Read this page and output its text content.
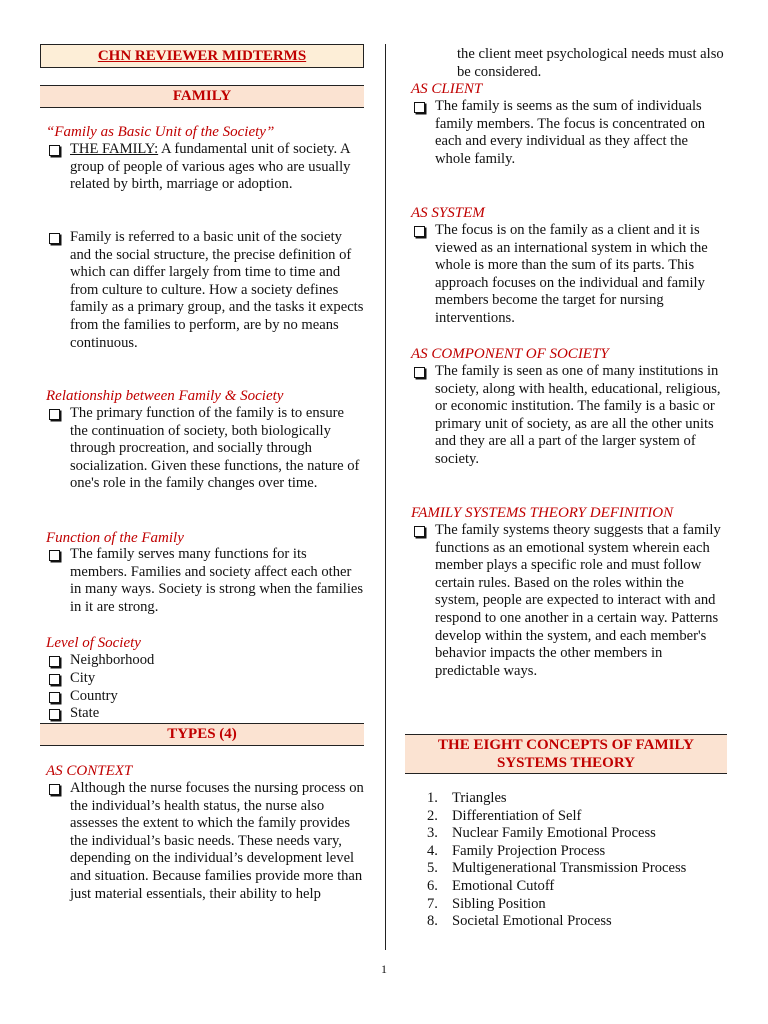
CHN REVIEWER MIDTERMS
FAMILY
“Family as Basic Unit of the Society”
THE FAMILY: A fundamental unit of society. A group of people of various ages who are usually related by birth, marriage or adoption.
Family is referred to a basic unit of the society and the social structure, the precise definition of which can differ largely from time to time and from culture to culture. How a society defines family as a primary group, and the tasks it expects from the families to perform, are by no means continuous.
Relationship between Family & Society
The primary function of the family is to ensure the continuation of society, both biologically through procreation, and socially through socialization. Given these functions, the nature of one's role in the family changes over time.
Function of the Family
The family serves many functions for its members. Families and society affect each other in many ways. Society is strong when the families in it are strong.
Level of Society
Neighborhood
City
Country
State
TYPES (4)
AS CONTEXT
Although the nurse focuses the nursing process on the individual’s health status, the nurse also assesses the extent to which the family provides the individual’s basic needs. These needs vary, depending on the individual’s development level and situation. Because families provide more than just material essentials, their ability to help
the client meet psychological needs must also be considered.
AS CLIENT
The family is seems as the sum of individuals family members. The focus is concentrated on each and every individual as they affect the whole family.
AS SYSTEM
The focus is on the family as a client and it is viewed as an international system in which the whole is more than the sum of its parts. This approach focuses on the individual and family members become the target for nursing interventions.
AS COMPONENT OF SOCIETY
The family is seen as one of many institutions in society, along with health, educational, religious, or economic institution. The family is a basic or primary unit of society, as are all the other units and they are all a part of the larger system of society.
FAMILY SYSTEMS THEORY DEFINITION
The family systems theory suggests that a family functions as an emotional system wherein each member plays a specific role and must follow certain rules. Based on the roles within the system, people are expected to interact with and respond to one another in a certain way. Patterns develop within the system, and each member's behavior impacts the other members in predictable ways.
THE EIGHT CONCEPTS OF FAMILY SYSTEMS THEORY
1. Triangles
2. Differentiation of Self
3. Nuclear Family Emotional Process
4. Family Projection Process
5. Multigenerational Transmission Process
6. Emotional Cutoff
7. Sibling Position
8. Societal Emotional Process
1
